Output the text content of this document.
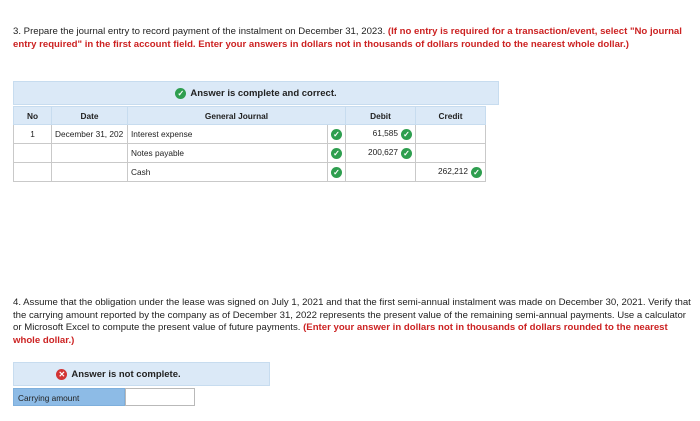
3. Prepare the journal entry to record payment of the instalment on December 31, 2023. (If no entry is required for a transaction/event, select "No journal entry required" in the first account field. Enter your answers in dollars not in thousands of dollars rounded to the nearest whole dollar.)
✓ Answer is complete and correct.
No	Date	General Journal		Debit	Credit
1	December 31, 202	Interest expense	✓	61,585 ✓	
		Notes payable	✓	200,627 ✓	
		Cash	✓		262,212 ✓
4. Assume that the obligation under the lease was signed on July 1, 2021 and that the first semi-annual instalment was made on December 30, 2021. Verify that the carrying amount reported by the company as of December 31, 2022 represents the present value of the remaining semi-annual payments. Use a calculator or Microsoft Excel to compute the present value of future payments. (Enter your answer in dollars not in thousands of dollars rounded to the nearest whole dollar.)
✕ Answer is not complete.
Carrying amount
